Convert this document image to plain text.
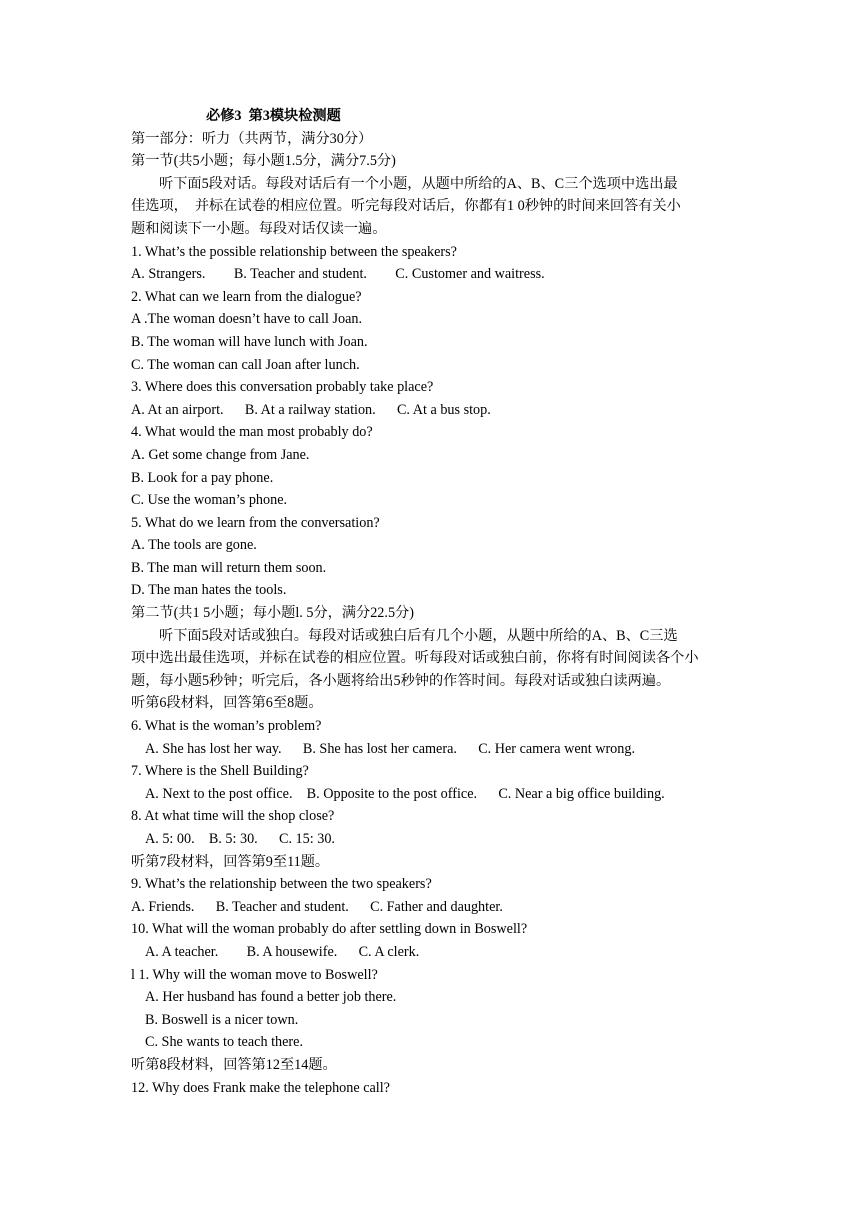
必修3  第3模块检测题
第一部分：听力（共两节，满分30分）
第一节(共5小题；每小题1.5分，满分7.5分)
听下面5段对话。每段对话后有一个小题，从题中所给的A、B、C三个选项中选出最
佳选项，  并标在试卷的相应位置。听完每段对话后，你都有1 0秒钟的时间来回答有关小
题和阅读下一小题。每段对话仅读一遍。
1. What’s the possible relationship between the speakers?
A. Strangers.        B. Teacher and student.        C. Customer and waitress.
2. What can we learn from the dialogue?
A .The woman doesn’t have to call Joan.
B. The woman will have lunch with Joan.
C. The woman can call Joan after lunch.
3. Where does this conversation probably take place?
A. At an airport.      B. At a railway station.      C. At a bus stop.
4. What would the man most probably do?
A. Get some change from Jane.
B. Look for a pay phone.
C. Use the woman’s phone.
5. What do we learn from the conversation?
A. The tools are gone.
B. The man will return them soon.
D. The man hates the tools.
第二节(共1 5小题；每小题l. 5分，满分22.5分)
听下面5段对话或独白。每段对话或独白后有几个小题，从题中所给的A、B、C三选
项中选出最佳选项，并标在试卷的相应位置。听每段对话或独白前，你将有时间阅读各个小
题，每小题5秒钟；听完后，各小题将给出5秒钟的作答时间。每段对话或独白读两遍。
听第6段材料，回答第6至8题。
6. What is the woman’s problem?
A. She has lost her way.      B. She has lost her camera.      C. Her camera went wrong.
7. Where is the Shell Building?
A. Next to the post office.    B. Opposite to the post office.      C. Near a big office building.
8. At what time will the shop close?
A. 5: 00.    B. 5: 30.      C. 15: 30.
听第7段材料，回答第9至11题。
9. What’s the relationship between the two speakers?
A. Friends.      B. Teacher and student.      C. Father and daughter.
10. What will the woman probably do after settling down in Boswell?
A. A teacher.        B. A housewife.      C. A clerk.
l 1. Why will the woman move to Boswell?
A. Her husband has found a better job there.
B. Boswell is a nicer town.
C. She wants to teach there.
听第8段材料，回答第12至14题。
12. Why does Frank make the telephone call?
